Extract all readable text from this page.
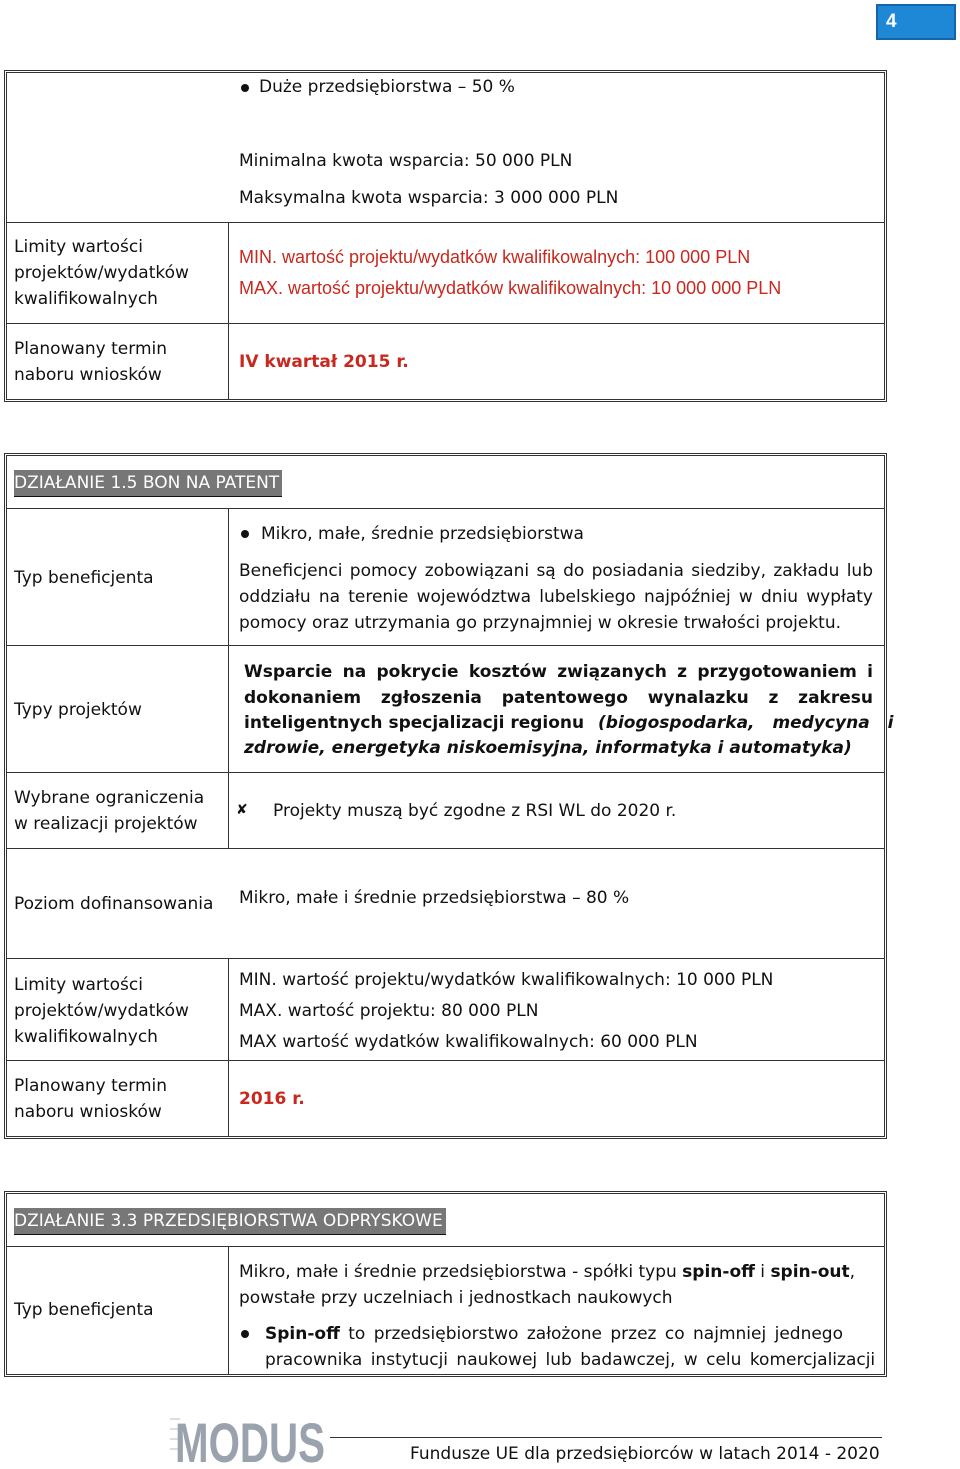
4
Duże przedsiębiorstwa – 50 %
Minimalna kwota wsparcia: 50 000 PLN
Maksymalna kwota wsparcia: 3 000 000 PLN
Limity wartości
projektów/wydatków
kwalifikowalnych
MIN. wartość projektu/wydatków kwalifikowalnych: 100 000 PLN
MAX. wartość projektu/wydatków kwalifikowalnych: 10 000 000 PLN
Planowany termin
naboru wniosków
IV kwartał 2015 r.
DZIAŁANIE 1.5 BON NA PATENT
Typ beneficjenta
Mikro, małe, średnie przedsiębiorstwa
Beneficjenci pomocy zobowiązani są do posiadania siedziby, zakładu lub
oddziału na terenie województwa lubelskiego najpóźniej w dniu wypłaty
pomocy oraz utrzymania go przynajmniej w okresie trwałości projektu.
Typy projektów
Wsparcie na pokrycie kosztów związanych z przygotowaniem i
dokonaniem zgłoszenia patentowego wynalazku z zakresu
inteligentnych specjalizacji regionu (biogospodarka, medycyna i
zdrowie, energetyka niskoemisyjna, informatyka i automatyka)
Wybrane ograniczenia
w realizacji projektów
✘ Projekty muszą być zgodne z RSI WL do 2020 r.
Poziom dofinansowania Mikro, małe i średnie przedsiębiorstwa – 80 %
Limity wartości
projektów/wydatków
kwalifikowalnych
MIN. wartość projektu/wydatków kwalifikowalnych: 10 000 PLN
MAX. wartość projektu: 80 000 PLN
MAX wartość wydatków kwalifikowalnych: 60 000 PLN
Planowany termin
naboru wniosków
2016 r.
DZIAŁANIE 3.3 PRZEDSIĘBIORSTWA ODPRYSKOWE
Typ beneficjenta
Mikro, małe i średnie przedsiębiorstwa - spółki typu spin-off i spin-out,
powstałe przy uczelniach i jednostkach naukowych
Spin-off to przedsiębiorstwo założone przez co najmniej jednego
pracownika instytucji naukowej lub badawczej, w celu komercjalizacji
MODUS	Fundusze UE dla przedsiębiorców w latach 2014 - 2020
